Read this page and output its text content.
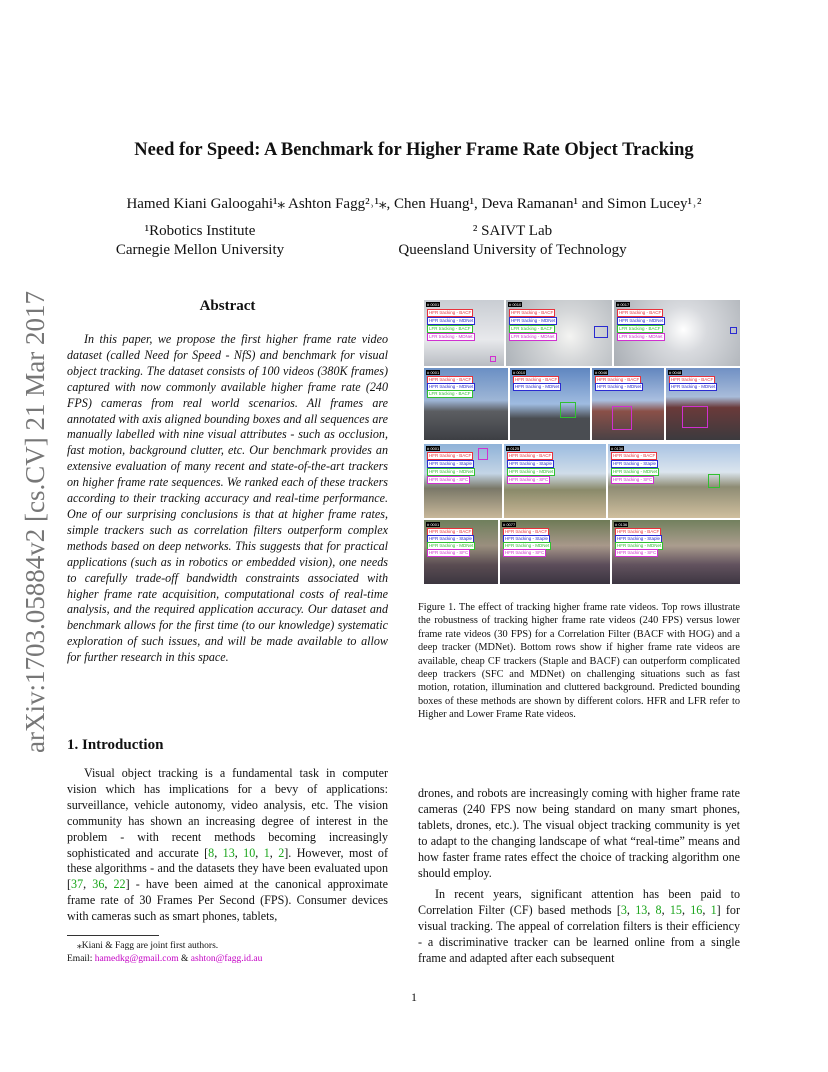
Need for Speed: A Benchmark for Higher Frame Rate Object Tracking
Hamed Kiani Galoogahi¹⁎ Ashton Fagg²˒¹⁎, Chen Huang¹, Deva Ramanan¹ and Simon Lucey¹˒²
¹Robotics Institute
Carnegie Mellon University
² SAIVT Lab
Queensland University of Technology
arXiv:1703.05884v2 [cs.CV] 21 Mar 2017	Abstract

In this paper, we propose the first higher frame rate video dataset (called Need for Speed - NfS) and benchmark for visual object tracking. The dataset consists of 100 videos (380K frames) captured with now commonly available higher frame rate (240 FPS) cameras from real world scenarios. All frames are annotated with axis aligned bounding boxes and all sequences are manually labelled with nine visual attributes - such as occlusion, fast motion, background clutter, etc. Our benchmark provides an extensive evaluation of many recent and state-of-the-art trackers on higher frame rate sequences. We ranked each of these trackers according to their tracking accuracy and real-time performance. One of our surprising conclusions is that at higher frame rates, simple trackers such as correlation filters outperform complex methods based on deep networks. This suggests that for practical applications (such as in robotics or embedded vision), one needs to carefully trade-off bandwidth constraints associated with higher frame rate acquisition, computational costs of real-time analysis, and the required application accuracy. Our dataset and benchmark allows for the first time (to our knowledge) systematic exploration of such issues, and will be made available to allow for further research in this space.

1. Introduction

Visual object tracking is a fundamental task in computer vision which has implications for a bevy of applications: surveillance, vehicle autonomy, video analysis, etc. The vision community has shown an increasing degree of interest in the problem - with recent methods becoming increasingly sophisticated and accurate [8, 13, 10, 1, 2]. However, most of these algorithms - and the datasets they have been evaluated upon [37, 36, 22] - have been aimed at the canonical approximate frame rate of 30 Frames Per Second (FPS). Consumer devices with cameras such as smart phones, tablets,

⁎Kiani & Fagg are joint first authors.
Email: hamedkg@gmail.com & ashton@fagg.id.au
# 0001
HFR tracking - BACF
HFR tracking - MDNet
LFR tracking - BACF
LFR tracking - MDNet
# 0010
HFR tracking - BACF
HFR tracking - MDNet
LFR tracking - BACF
LFR tracking - MDNet
# 0017
HFR tracking - BACF
HFR tracking - MDNet
LFR tracking - BACF
LFR tracking - MDNet
# 0001
HFR tracking - BACF
HFR tracking - MDNet
LFR tracking - BACF
# 0010
HFR tracking - BACF
HFR tracking - MDNet
# 0046
HFR tracking - BACF
HFR tracking - MDNet
# 0048
HFR tracking - BACF
HFR tracking - MDNet
# 0001
HFR tracking - BACF
HFR tracking - Staple
HFR tracking - MDNet
HFR tracking - SFC
# 0125
HFR tracking - BACF
HFR tracking - Staple
HFR tracking - MDNet
HFR tracking - SFC
# 0136
HFR tracking - BACF
HFR tracking - Staple
HFR tracking - MDNet
HFR tracking - SFC
# 0001
HFR tracking - BACF
HFR tracking - Staple
HFR tracking - MDNet
HFR tracking - SFC
# 0077
HFR tracking - BACF
HFR tracking - Staple
HFR tracking - MDNet
HFR tracking - SFC
# 0136
HFR tracking - BACF
HFR tracking - Staple
HFR tracking - MDNet
HFR tracking - SFC

Figure 1. The effect of tracking higher frame rate videos. Top rows illustrate the robustness of tracking higher frame rate videos (240 FPS) versus lower frame rate videos (30 FPS) for a Correlation Filter (BACF with HOG) and a deep tracker (MDNet). Bottom rows show if higher frame rate videos are available, cheap CF trackers (Staple and BACF) can outperform complicated deep trackers (SFC and MDNet) on challenging situations such as fast motion, rotation, illumination and cluttered background. Predicted bounding boxes of these methods are shown by different colors. HFR and LFR refer to Higher and Lower Frame Rate videos.

drones, and robots are increasingly coming with higher frame rate cameras (240 FPS now being standard on many smart phones, tablets, drones, etc.). The visual object tracking community is yet to adapt to the changing landscape of what “real-time” means and how faster frame rates effect the choice of tracking algorithm one should employ.

In recent years, significant attention has been paid to Correlation Filter (CF) based methods [3, 13, 8, 15, 16, 1] for visual tracking. The appeal of correlation filters is their efficiency - a discriminative tracker can be learned online from a single frame and adapted after each subsequent

1
